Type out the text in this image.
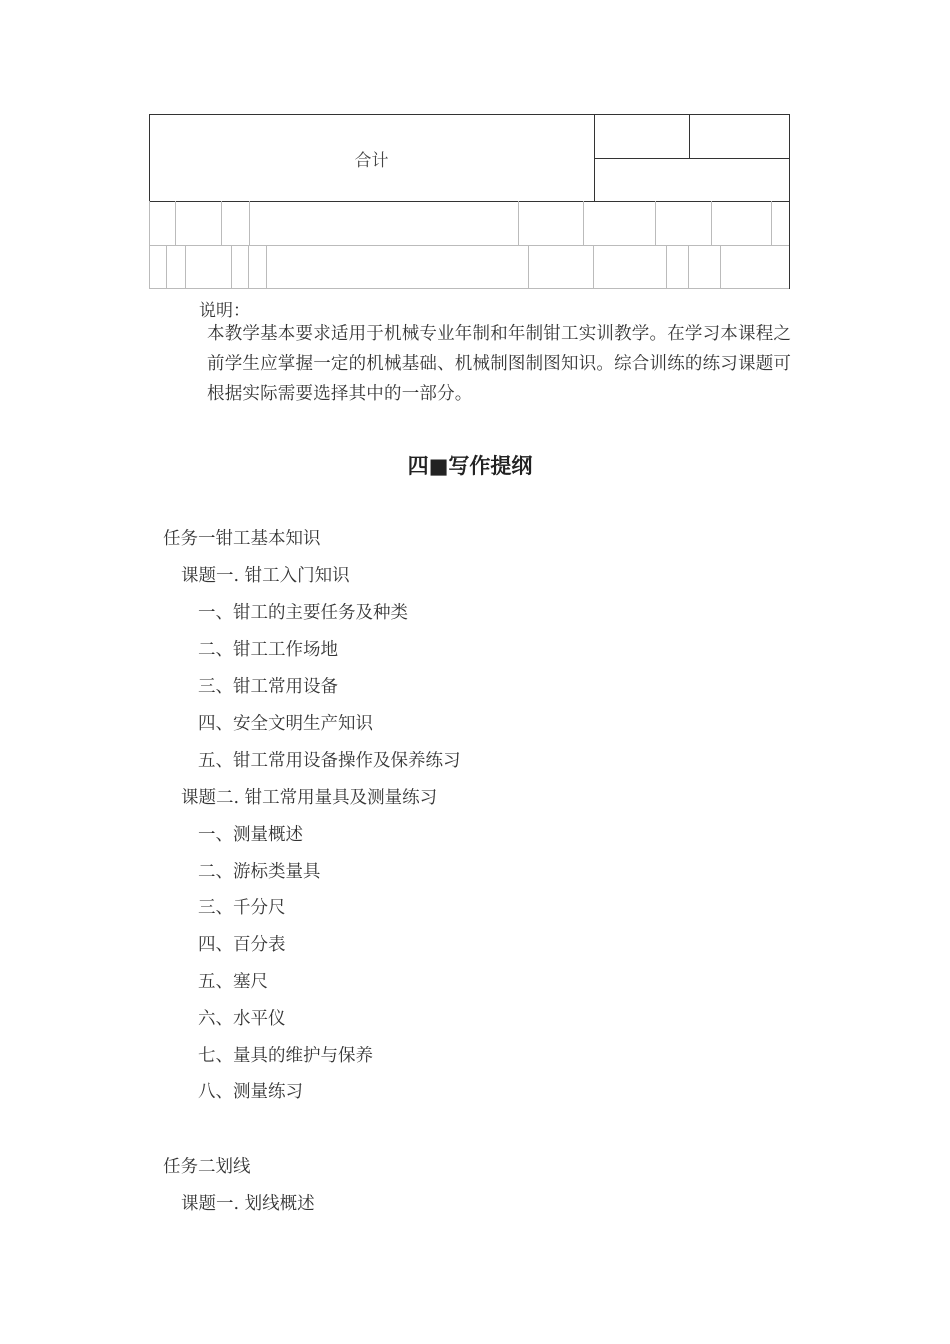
合计
说明：
本教学基本要求适用于机械专业年制和年制钳工实训教学。在学习本课程之前学生应掌握一定的机械基础、机械制图制图知识。综合训练的练习课题可根据实际需要选择其中的一部分。
四■写作提纲
任务一钳工基本知识
课题一. 钳工入门知识
一、钳工的主要任务及种类
二、钳工工作场地
三、钳工常用设备
四、安全文明生产知识
五、钳工常用设备操作及保养练习
课题二. 钳工常用量具及测量练习
一、测量概述
二、游标类量具
三、千分尺
四、百分表
五、塞尺
六、水平仪
七、量具的维护与保养
八、测量练习
任务二划线
课题一. 划线概述
